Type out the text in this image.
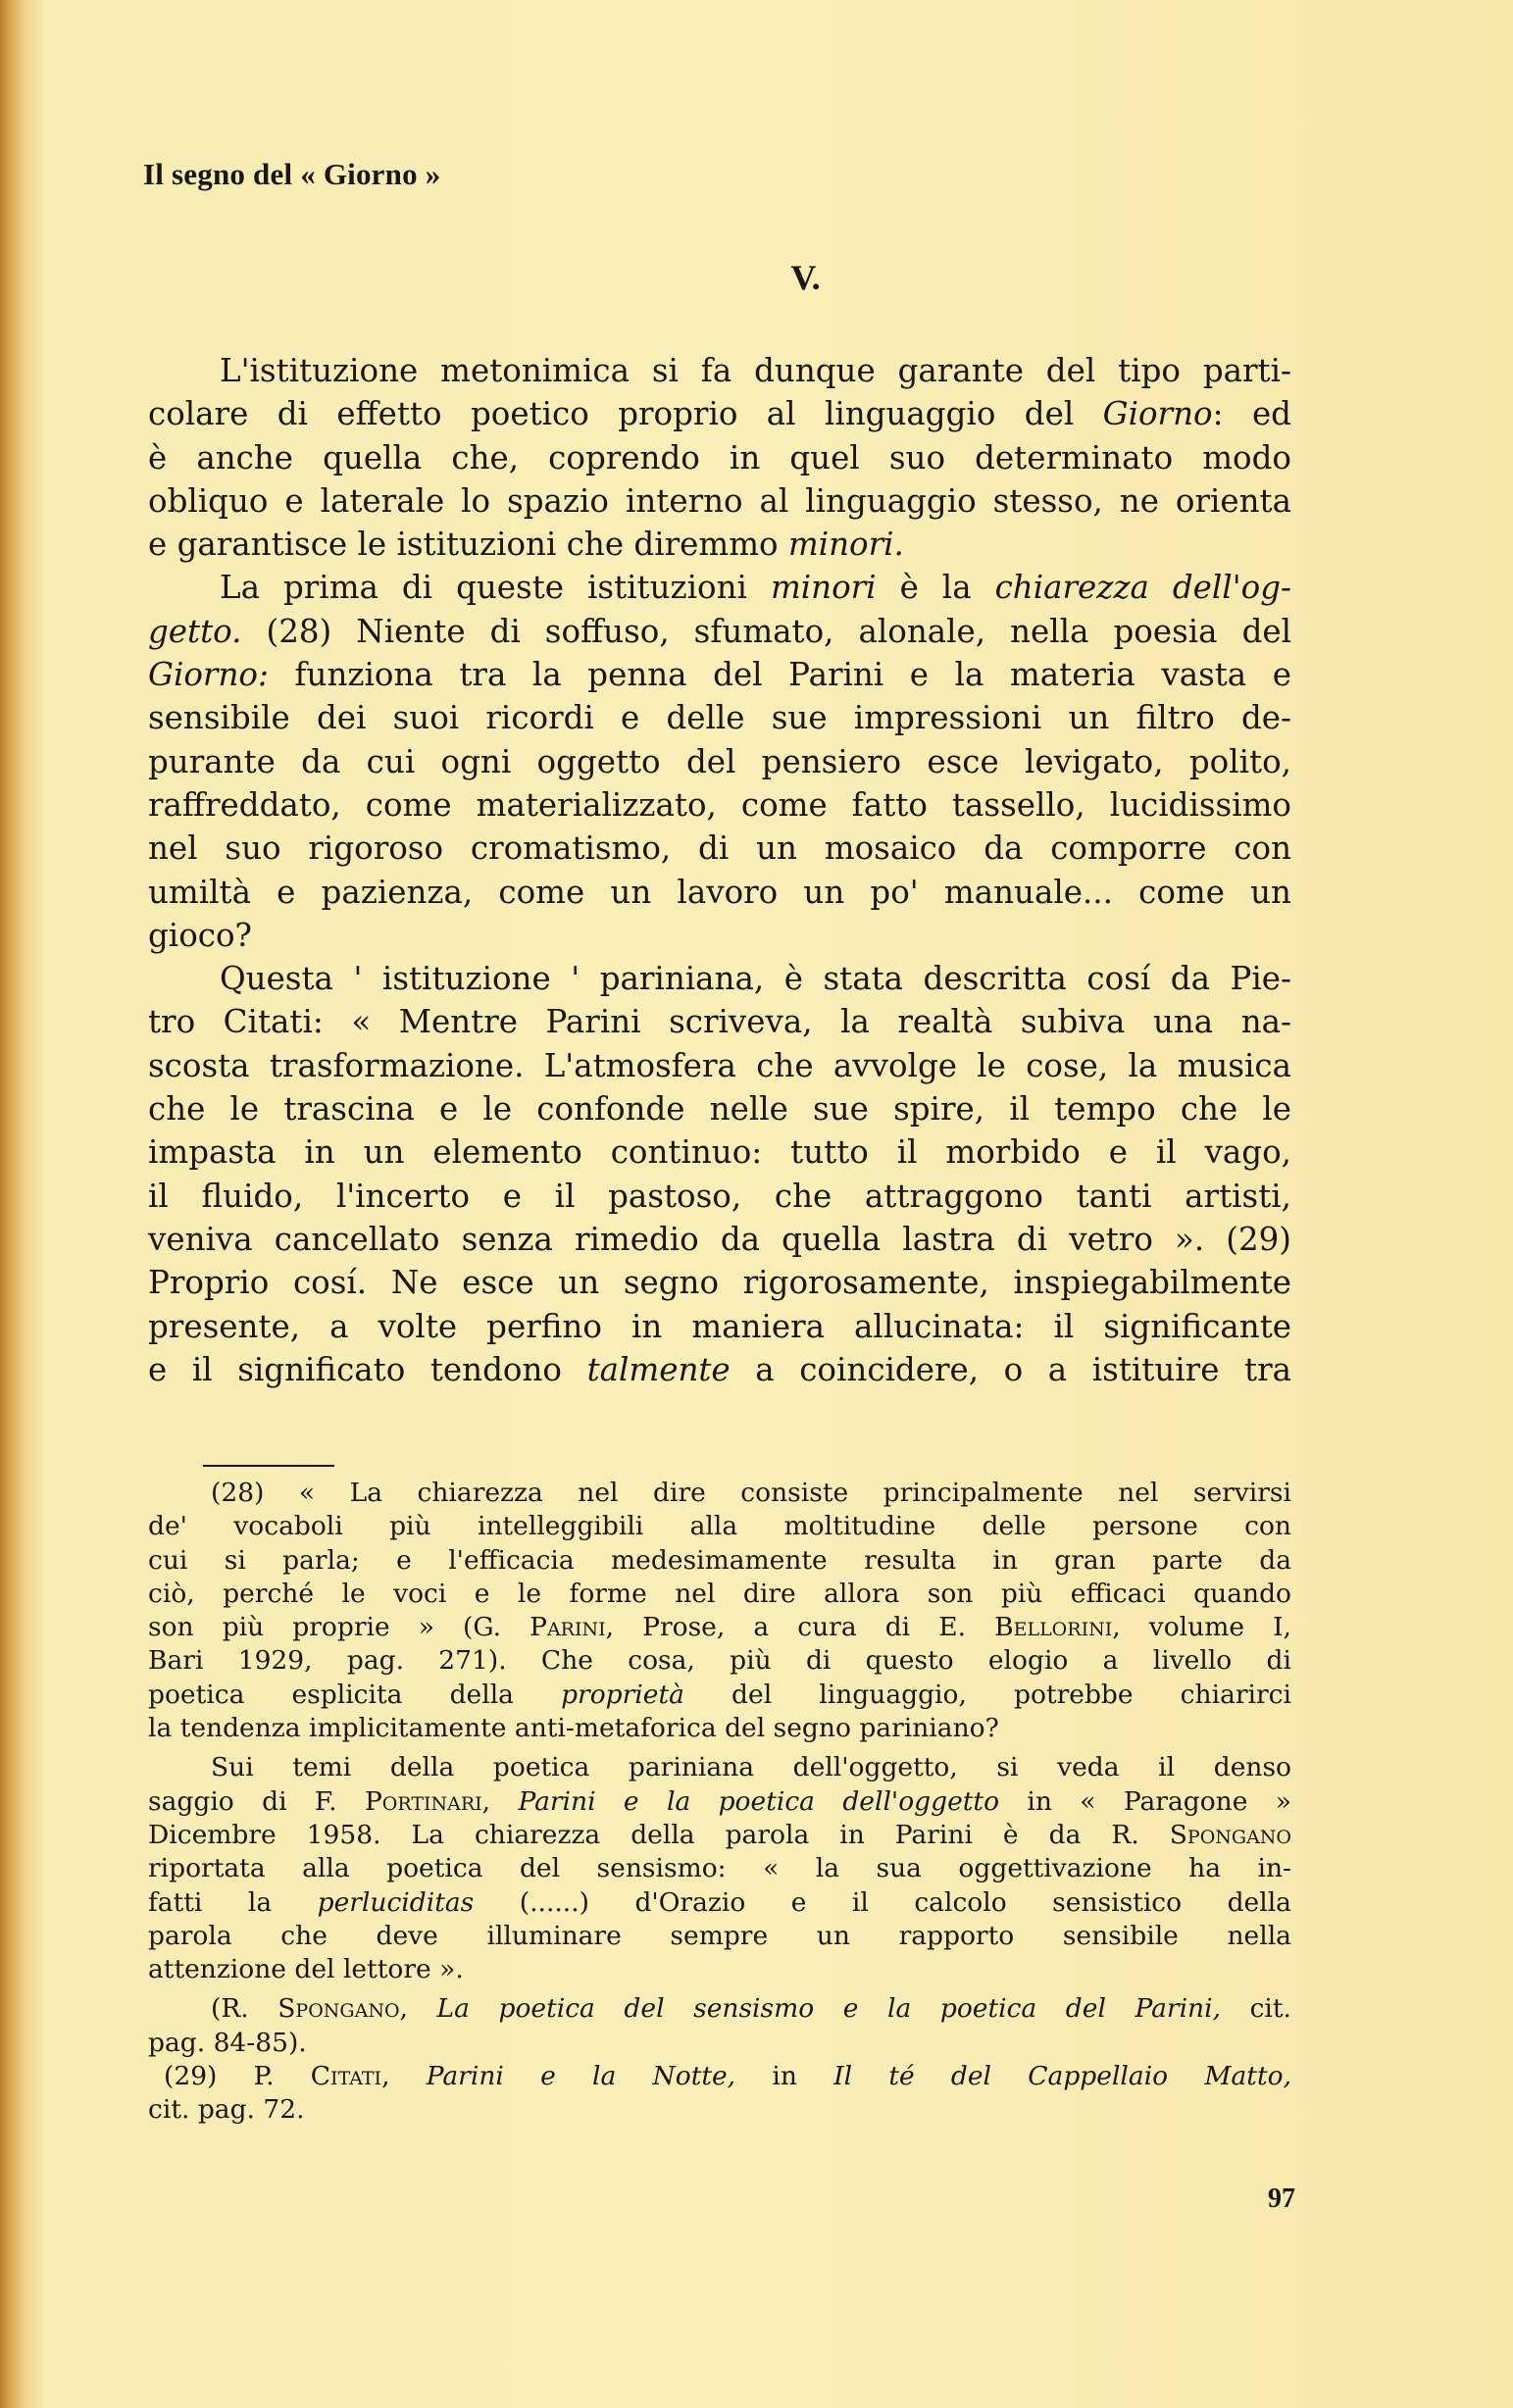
Il segno del « Giorno »
V.
L'istituzione metonimica si fa dunque garante del tipo parti-
colare di effetto poetico proprio al linguaggio del Giorno: ed
è anche quella che, coprendo in quel suo determinato modo
obliquo e laterale lo spazio interno al linguaggio stesso, ne orienta
e garantisce le istituzioni che diremmo minori.
La prima di queste istituzioni minori è la chiarezza dell'og-
getto. (28) Niente di soffuso, sfumato, alonale, nella poesia del
Giorno: funziona tra la penna del Parini e la materia vasta e
sensibile dei suoi ricordi e delle sue impressioni un filtro de-
purante da cui ogni oggetto del pensiero esce levigato, polito,
raffreddato, come materializzato, come fatto tassello, lucidissimo
nel suo rigoroso cromatismo, di un mosaico da comporre con
umiltà e pazienza, come un lavoro un po' manuale... come un
gioco?
Questa ' istituzione ' pariniana, è stata descritta cosí da Pie-
tro Citati: « Mentre Parini scriveva, la realtà subiva una na-
scosta trasformazione. L'atmosfera che avvolge le cose, la musica
che le trascina e le confonde nelle sue spire, il tempo che le
impasta in un elemento continuo: tutto il morbido e il vago,
il fluido, l'incerto e il pastoso, che attraggono tanti artisti,
veniva cancellato senza rimedio da quella lastra di vetro ». (29)
Proprio cosí. Ne esce un segno rigorosamente, inspiegabilmente
presente, a volte perfino in maniera allucinata: il significante
e il significato tendono talmente a coincidere, o a istituire tra
(28) « La chiarezza nel dire consiste principalmente nel servirsi
de' vocaboli più intelleggibili alla moltitudine delle persone con
cui si parla; e l'efficacia medesimamente resulta in gran parte da
ciò, perché le voci e le forme nel dire allora son più efficaci quando
son più proprie » (G. Parini, Prose, a cura di E. Bellorini, volume I,
Bari 1929, pag. 271). Che cosa, più di questo elogio a livello di
poetica esplicita della proprietà del linguaggio, potrebbe chiarirci
la tendenza implicitamente anti-metaforica del segno pariniano?
Sui temi della poetica pariniana dell'oggetto, si veda il denso
saggio di F. Portinari, Parini e la poetica dell'oggetto in « Paragone »
Dicembre 1958. La chiarezza della parola in Parini è da R. Spongano
riportata alla poetica del sensismo: « la sua oggettivazione ha in-
fatti la perluciditas (......) d'Orazio e il calcolo sensistico della
parola che deve illuminare sempre un rapporto sensibile nella
attenzione del lettore ».
(R. Spongano, La poetica del sensismo e la poetica del Parini, cit.
pag. 84-85).
(29) P. Citati, Parini e la Notte, in Il té del Cappellaio Matto,
cit. pag. 72.

97
